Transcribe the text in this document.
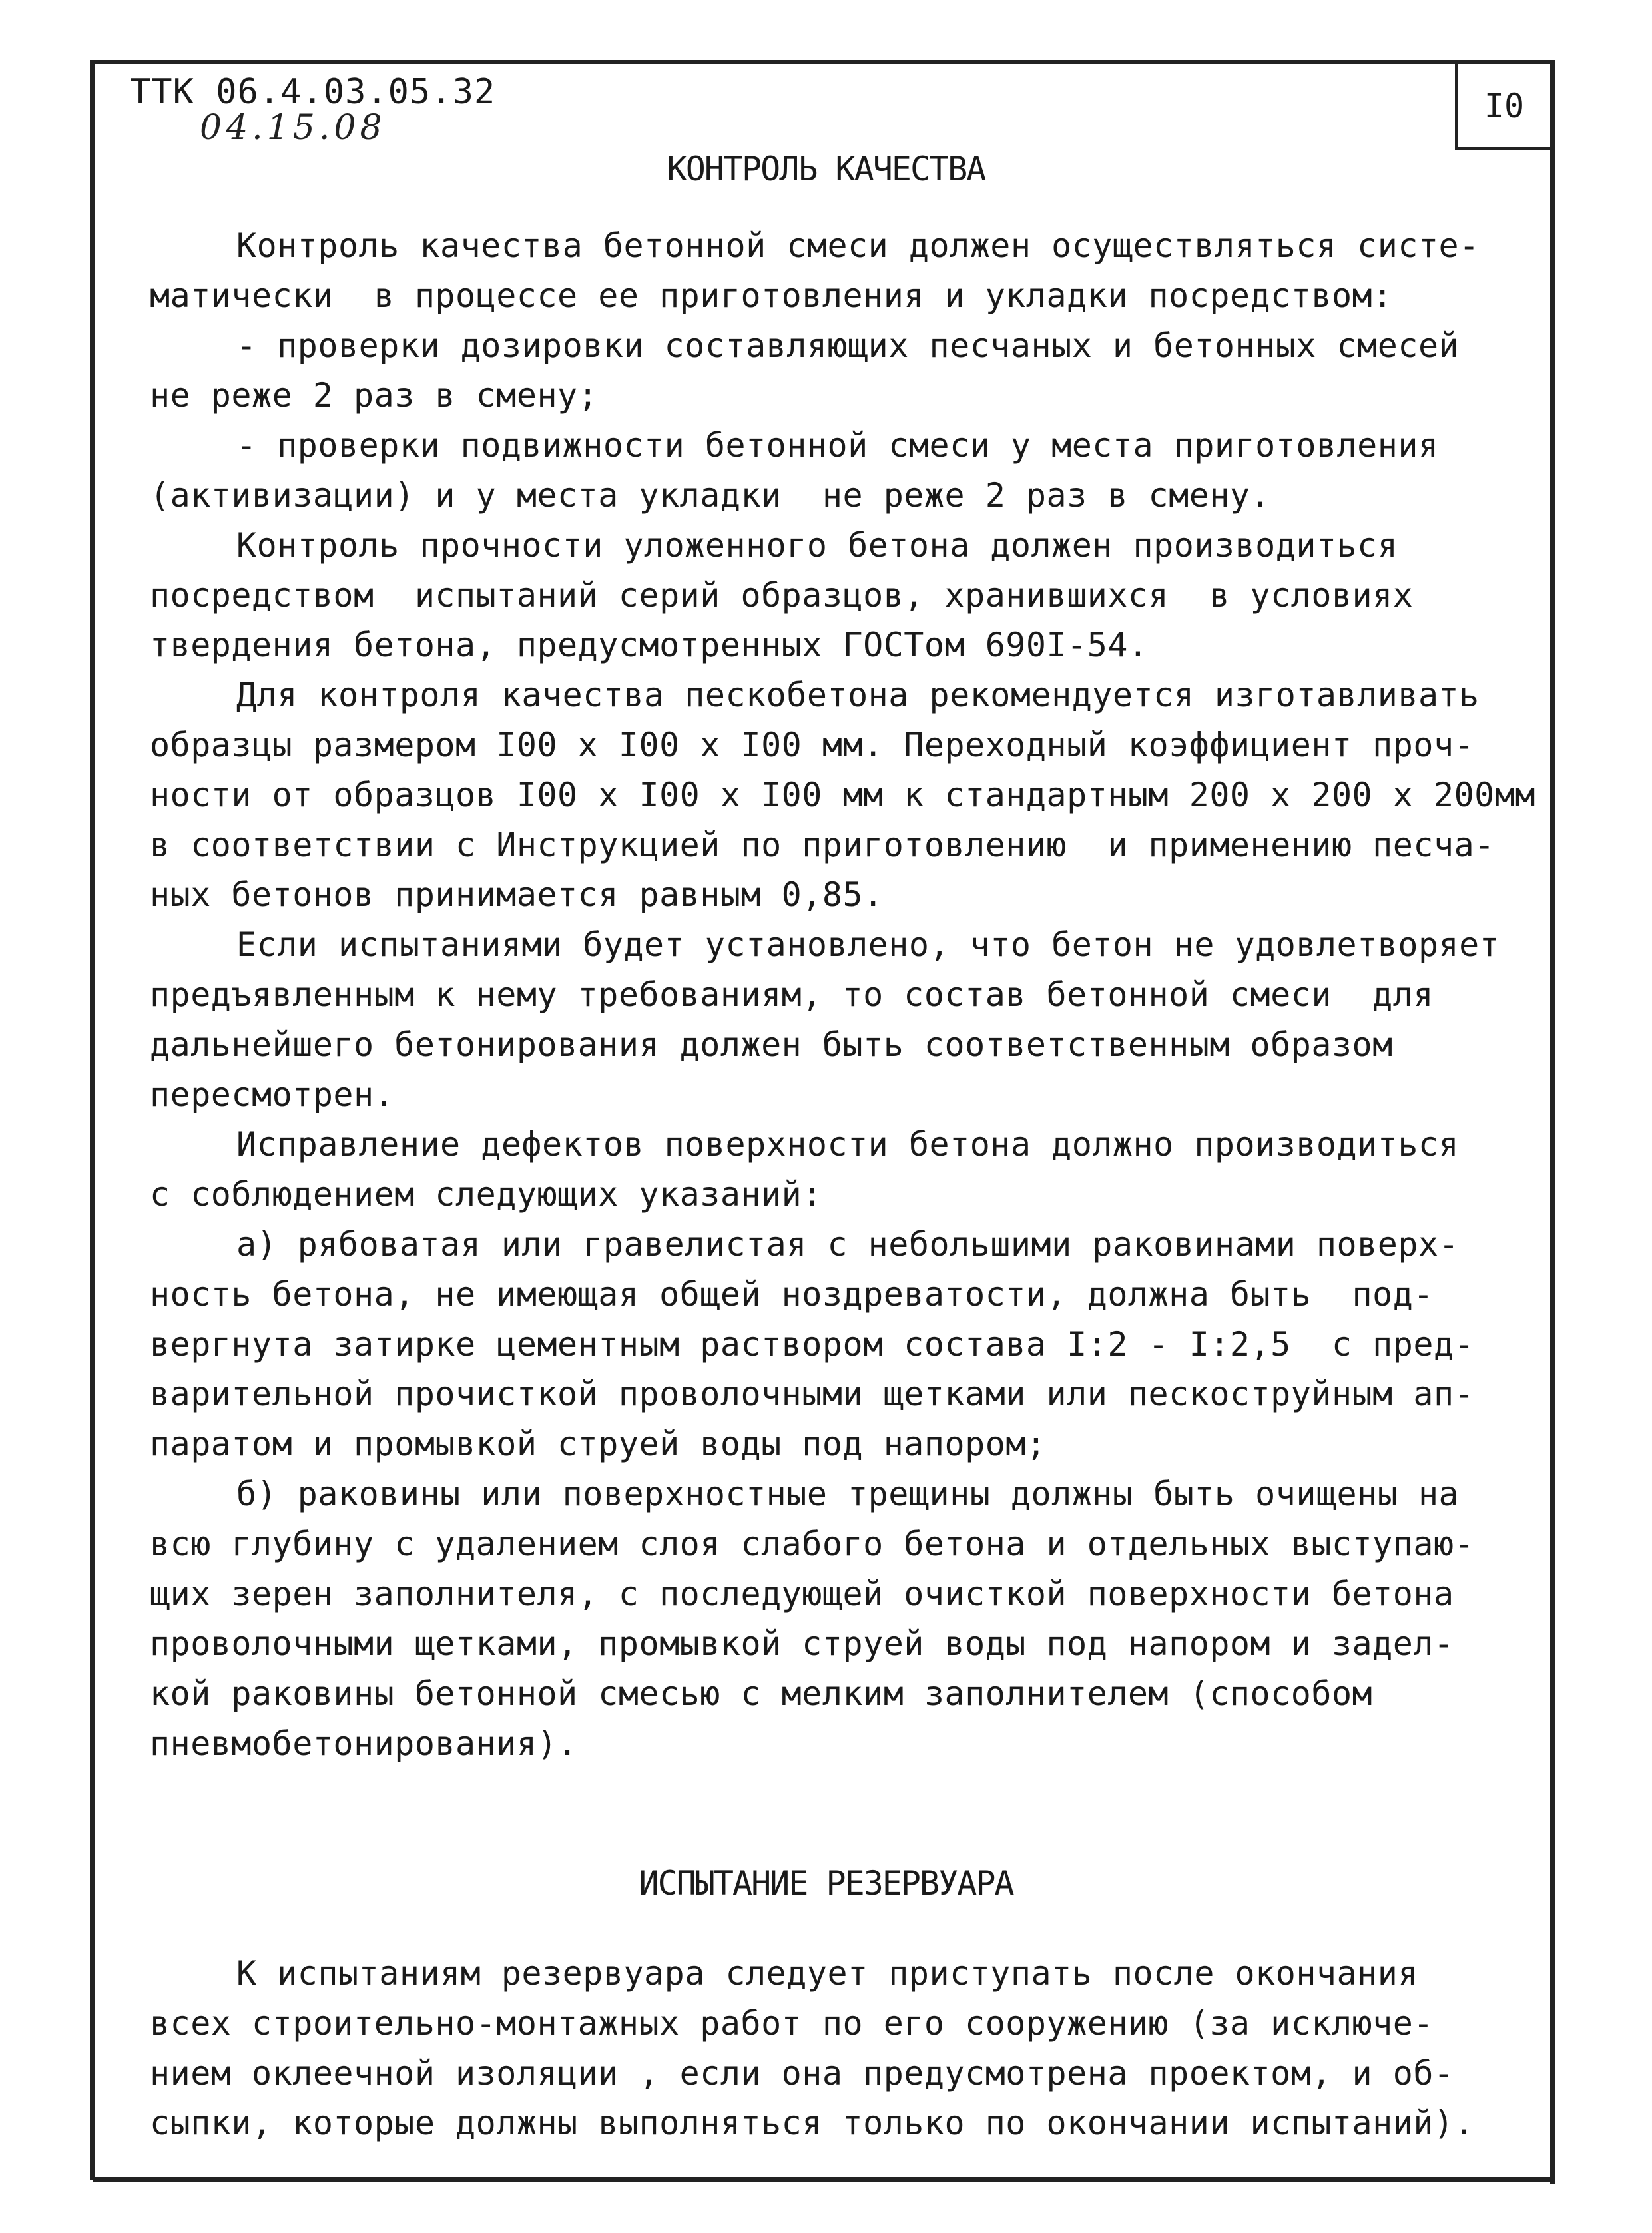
I0
ТТК 06.4.03.05.32
04.15.08
КОНТРОЛЬ КАЧЕСТВА
Контроль качества бетонной смеси должен осуществляться систе-
матически  в процессе ее приготовления и укладки посредством:
- проверки дозировки составляющих песчаных и бетонных смесей
не реже 2 раз в смену;
- проверки подвижности бетонной смеси у места приготовления
(активизации) и у места укладки  не реже 2 раз в смену.
Контроль прочности уложенного бетона должен производиться
посредством  испытаний серий образцов, хранившихся  в условиях
твердения бетона, предусмотренных ГОСТом 690I-54.
Для контроля качества пескобетона рекомендуется изготавливать
образцы размером I00 х I00 х I00 мм. Переходный коэффициент проч-
ности от образцов I00 х I00 х I00 мм к стандартным 200 х 200 х 200мм
в соответствии с Инструкцией по приготовлению  и применению песча-
ных бетонов принимается равным 0,85.
Если испытаниями будет установлено, что бетон не удовлетворяет
предъявленным к нему требованиям, то состав бетонной смеси  для
дальнейшего бетонирования должен быть соответственным образом
пересмотрен.
Исправление дефектов поверхности бетона должно производиться
с соблюдением следующих указаний:
а) рябоватая или гравелистая с небольшими раковинами поверх-
ность бетона, не имеющая общей ноздреватости, должна быть  под-
вергнута затирке цементным раствором состава I:2 - I:2,5  с пред-
варительной прочисткой проволочными щетками или пескоструйным ап-
паратом и промывкой струей воды под напором;
б) раковины или поверхностные трещины должны быть очищены на
всю глубину с удалением слоя слабого бетона и отдельных выступаю-
щих зерен заполнителя, с последующей очисткой поверхности бетона
проволочными щетками, промывкой струей воды под напором и задел-
кой раковины бетонной смесью с мелким заполнителем (способом
пневмобетонирования).
ИСПЫТАНИЕ РЕЗЕРВУАРА
К испытаниям резервуара следует приступать после окончания
всех строительно-монтажных работ по его сооружению (за исключе-
нием оклеечной изоляции , если она предусмотрена проектом, и об-
сыпки, которые должны выполняться только по окончании испытаний).
